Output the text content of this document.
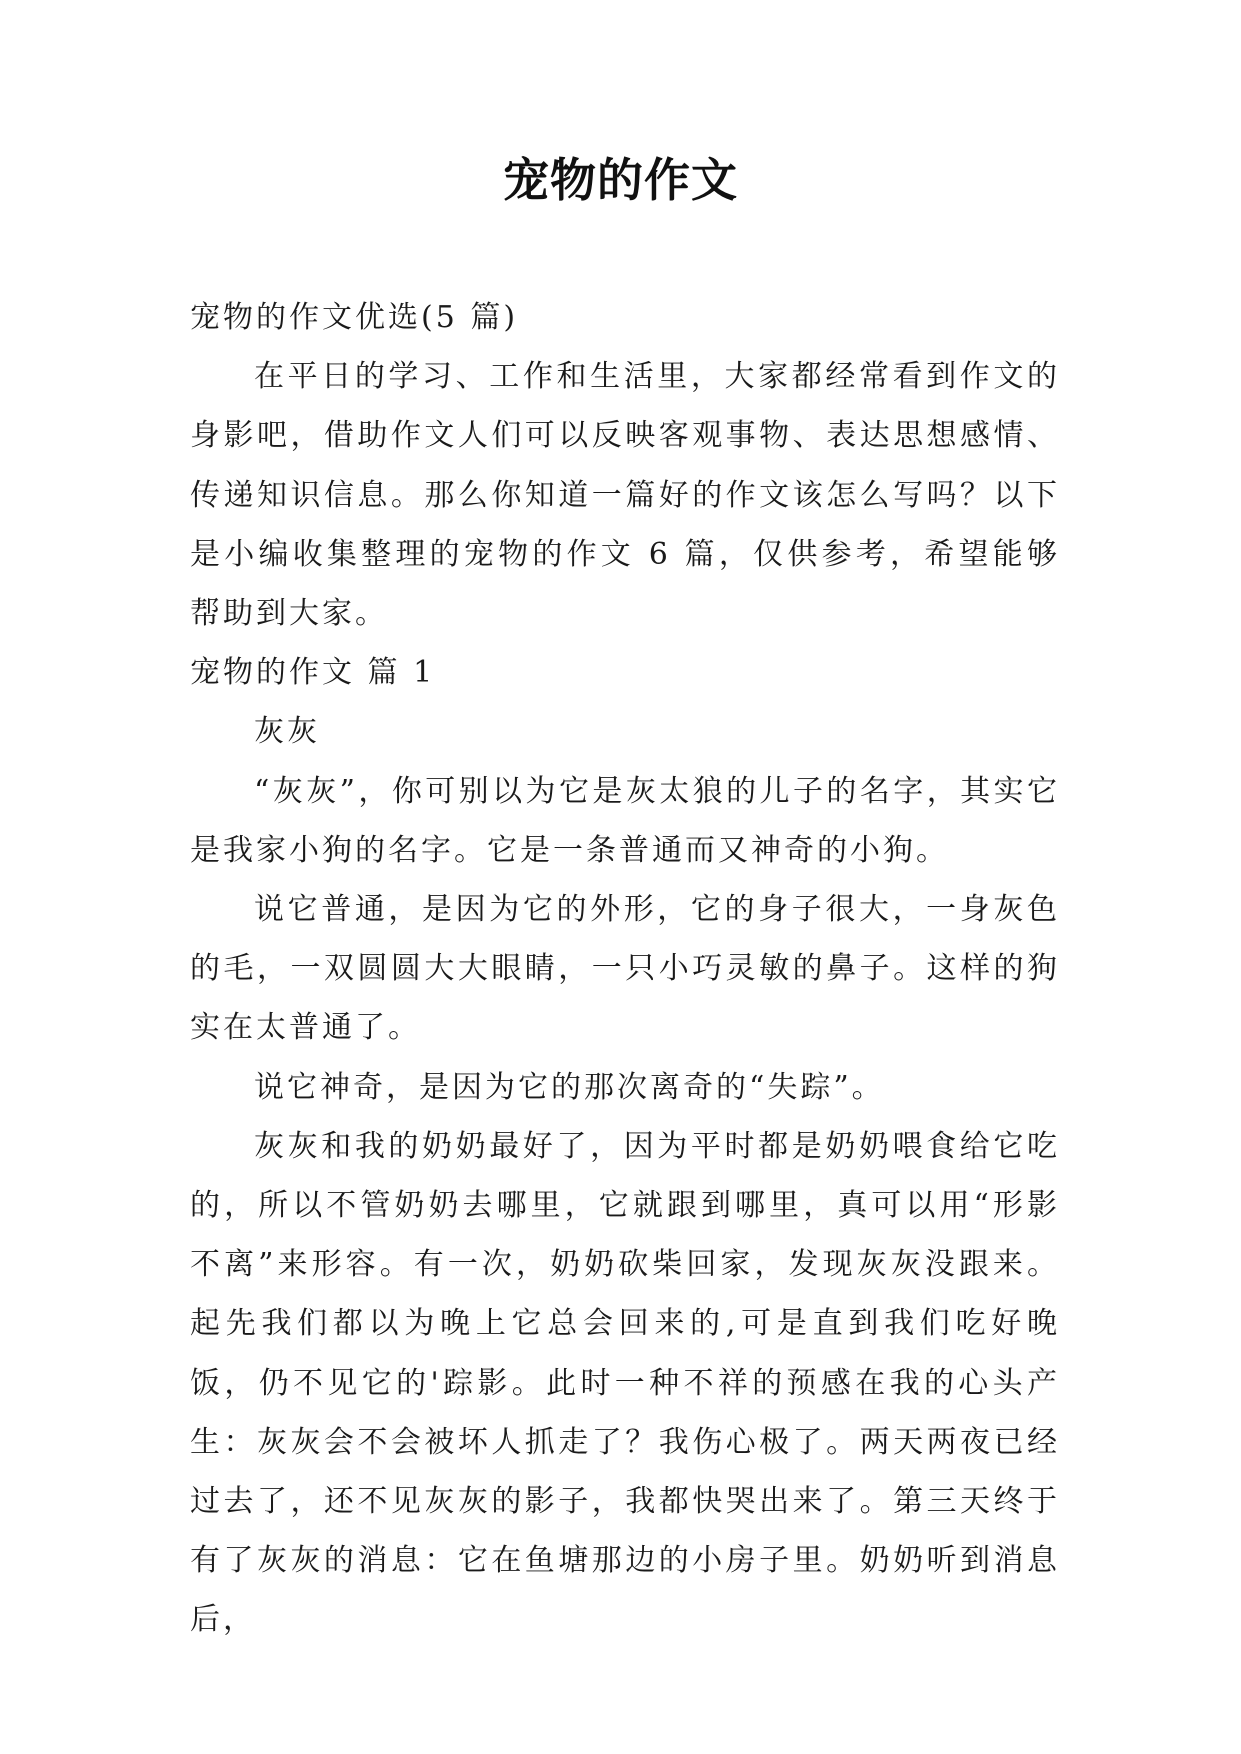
宠物的作文

宠物的作文优选(5 篇)

在平日的学习、工作和生活里，大家都经常看到作文的身影吧，借助作文人们可以反映客观事物、表达思想感情、传递知识信息。那么你知道一篇好的作文该怎么写吗？以下是小编收集整理的宠物的作文 6 篇，仅供参考，希望能够帮助到大家。

宠物的作文 篇 1

灰灰

“灰灰”，你可别以为它是灰太狼的儿子的名字，其实它是我家小狗的名字。它是一条普通而又神奇的小狗。

说它普通，是因为它的外形，它的身子很大，一身灰色的毛，一双圆圆大大眼睛，一只小巧灵敏的鼻子。这样的狗实在太普通了。

说它神奇，是因为它的那次离奇的“失踪”。

灰灰和我的奶奶最好了，因为平时都是奶奶喂食给它吃的，所以不管奶奶去哪里，它就跟到哪里，真可以用“形影不离”来形容。有一次，奶奶砍柴回家，发现灰灰没跟来。起先我们都以为晚上它总会回来的,可是直到我们吃好晚饭，仍不见它的'踪影。此时一种不祥的预感在我的心头产生：灰灰会不会被坏人抓走了？我伤心极了。两天两夜已经过去了，还不见灰灰的影子，我都快哭出来了。第三天终于有了灰灰的消息：它在鱼塘那边的小房子里。奶奶听到消息后，
